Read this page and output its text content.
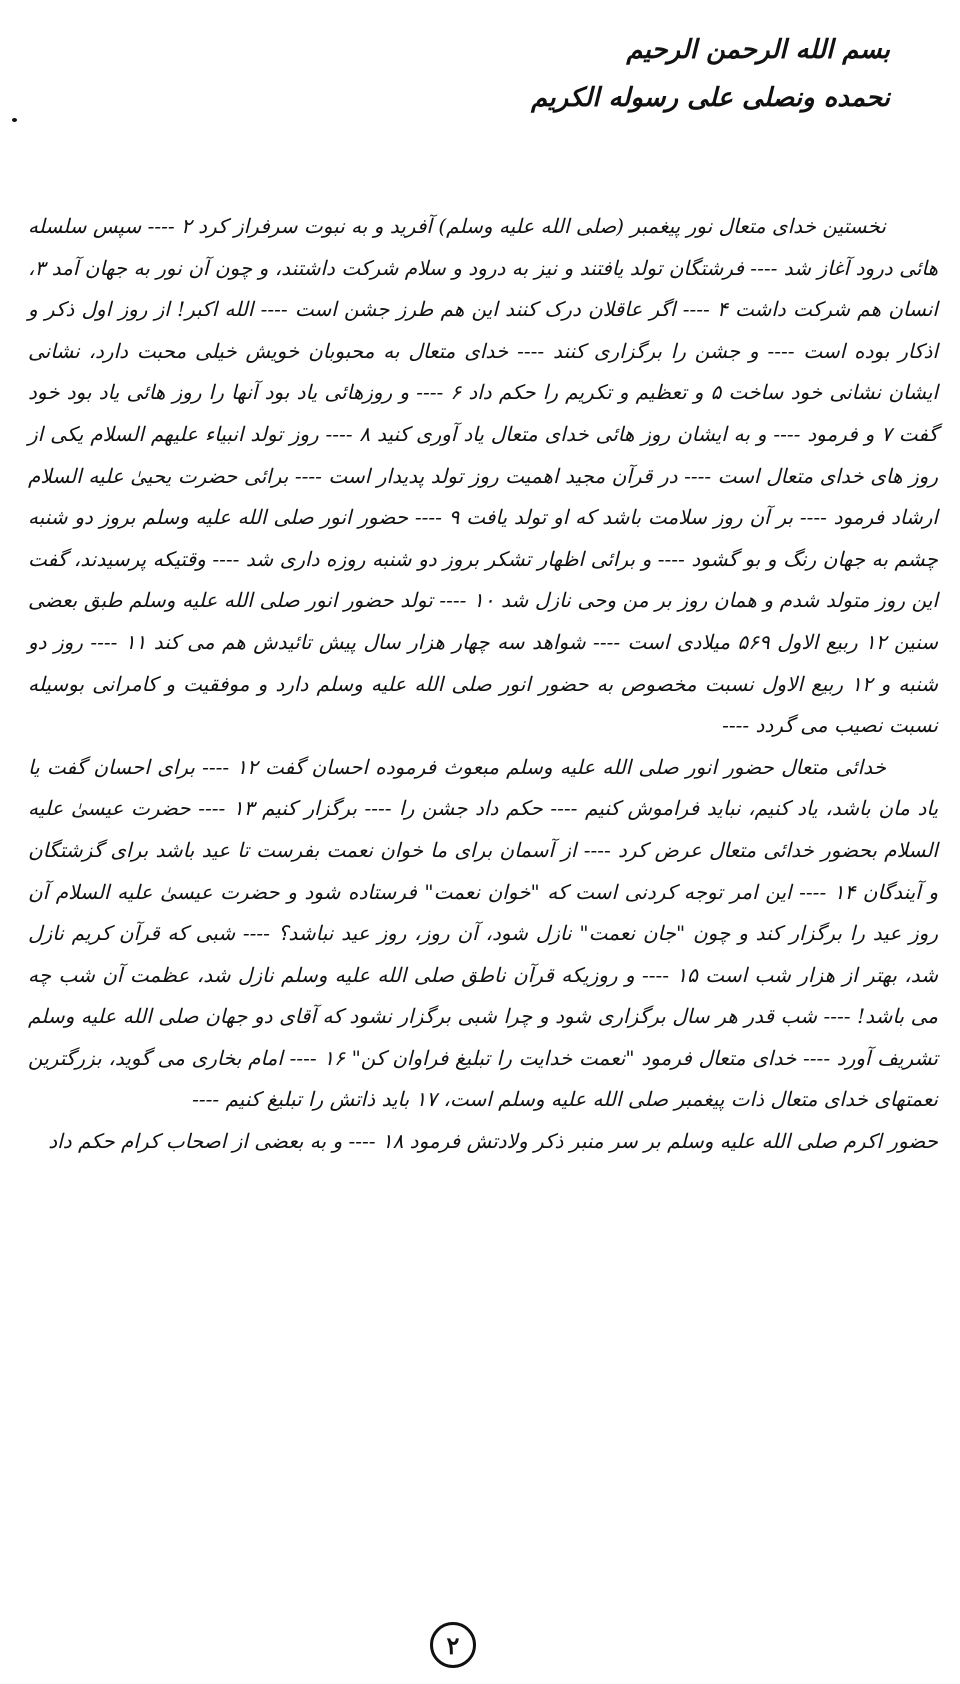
بسم الله الرحمن الرحیم
نحمده ونصلی علی رسوله الکریم

نخستین خدای متعال نور پیغمبر (صلی الله علیه وسلم) آفرید و به نبوت سرفراز کرد ۲ ---- سپس سلسله هائی درود آغاز شد ---- فرشتگان تولد یافتند و نیز به درود و سلام شرکت داشتند، و چون آن نور به جهان آمد ۳، انسان هم شرکت داشت ۴ ---- اگر عاقلان درک کنند این هم طرز جشن است ---- الله اکبر! از روز اول ذکر و اذکار بوده است ---- و جشن را برگزاری کنند ---- خدای متعال به محبوبان خویش خیلی محبت دارد، نشانی ایشان نشانی خود ساخت ۵ و تعظیم و تکریم را حکم داد ۶ ---- و روزهائی یاد بود آنها را روز هائی یاد بود خود گفت ۷ و فرمود ---- و به ایشان روز هائی خدای متعال یاد آوری کنید ۸ ---- روز تولد انبیاء علیهم السلام یکی از روز های خدای متعال است ---- در قرآن مجید اهمیت روز تولد پدیدار است ---- برائی حضرت یحییٰ علیه السلام ارشاد فرمود ---- بر آن روز سلامت باشد که او تولد یافت ۹ ---- حضور انور صلی الله علیه وسلم بروز دو شنبه چشم به جهان رنگ و بو گشود ---- و برائی اظهار تشکر بروز دو شنبه روزه داری شد ---- وقتیکه پرسیدند، گفت این روز متولد شدم و همان روز بر من وحی نازل شد ۱۰ ---- تولد حضور انور صلی الله علیه وسلم طبق بعضی سنین ۱۲ ربیع الاول ۵۶۹ میلادی است ---- شواهد سه چهار هزار سال پیش تائیدش هم می کند ۱۱ ---- روز دو شنبه و ۱۲ ربیع الاول نسبت مخصوص به حضور انور صلی الله علیه وسلم دارد و موفقیت و کامرانی بوسیله نسبت نصیب می گردد ----

خدائی متعال حضور انور صلی الله علیه وسلم مبعوث فرموده احسان گفت ۱۲ ---- برای احسان گفت یا یاد مان باشد، یاد کنیم، نباید فراموش کنیم ---- حکم داد جشن را ---- برگزار کنیم ۱۳ ---- حضرت عیسیٰ علیه السلام بحضور خدائی متعال عرض کرد ---- از آسمان برای ما خوان نعمت بفرست تا عید باشد برای گزشتگان و آیندگان ۱۴ ---- این امر توجه کردنی است که "خوان نعمت" فرستاده شود و حضرت عیسیٰ علیه السلام آن روز عید را برگزار کند و چون "جان نعمت" نازل شود، آن روز، روز عید نباشد؟ ---- شبی که قرآن کریم نازل شد، بهتر از هزار شب است ۱۵ ---- و روزیکه قرآن ناطق صلی الله علیه وسلم نازل شد، عظمت آن شب چه می باشد! ---- شب قدر هر سال برگزاری شود و چرا شبی برگزار نشود که آقای دو جهان صلی الله علیه وسلم تشریف آورد ---- خدای متعال فرمود "نعمت خدایت را تبلیغ فراوان کن" ۱۶ ---- امام بخاری می گوید، بزرگترین نعمتهای خدای متعال ذات پیغمبر صلی الله علیه وسلم است، ۱۷ باید ذاتش را تبلیغ کنیم ----

حضور اکرم صلی الله علیه وسلم بر سر منبر ذکر ولادتش فرمود ۱۸ ---- و به بعضی از اصحاب کرام حکم داد

۲
